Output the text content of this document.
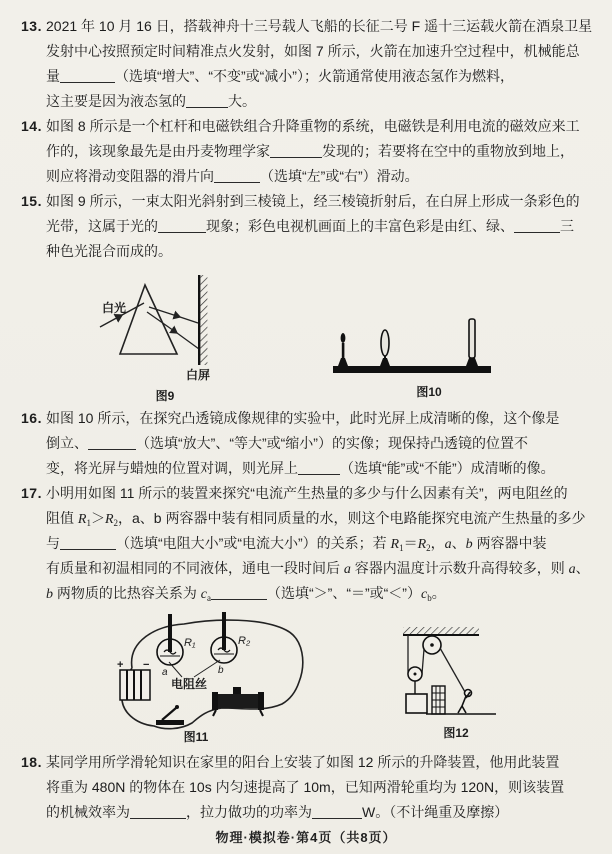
13. 2021 年 10 月 16 日，搭载神舟十三号载人飞船的长征二号 F 遥十三运载火箭在酒泉卫星
发射中心按照预定时间精准点火发射，如图 7 所示，火箭在加速升空过程中，机械能总
量	（选填“增大”、“不变”或“减小”）；火箭通常使用液态氢作为燃料，
这主要是因为液态氢的	大。
14. 如图 8 所示是一个杠杆和电磁铁组合升降重物的系统，电磁铁是利用电流的磁效应来工
作的，该现象最先是由丹麦物理学家	发现的；若要将在空中的重物放到地上，
则应将滑动变阻器的滑片向	（选填“左”或“右”）滑动。
15. 如图 9 所示，一束太阳光斜射到三棱镜上，经三棱镜折射后，在白屏上形成一条彩色的
光带，这属于光的	现象；彩色电视机画面上的丰富色彩是由红、绿、	三
种色光混合而成的。
白光
白屏
图9	图10
16. 如图 10 所示，在探究凸透镜成像规律的实验中，此时光屏上成清晰的像，这个像是
倒立、	（选填“放大”、“等大”或“缩小”）的实像；现保持凸透镜的位置不
变，将光屏与蜡烛的位置对调，则光屏上	（选填“能”或“不能”）成清晰的像。
17. 小明用如图 11 所示的装置来探究“电流产生热量的多少与什么因素有关”，两电阻丝的
阻值 $R_1>R_2$，a、b 两容器中装有相同质量的水，则这个电路能探究电流产生热量的多少
与	（选填“电阻大小”或“电流大小”）的关系；若 $R_1=R_2$，a、b 两容器中装
有质量和初温相同的不同液体，通电一段时间后 a 容器内温度计示数升高得较多，则 a、
b 两物质的比热容关系为 $c_a$	（选填“＞”、“＝”或“$<”)c_b$。
+ −
R₁
a
R₂
b
电阻丝
图11	图12
18. 某同学用所学滑轮知识在家里的阳台上安装了如图 12 所示的升降装置，他用此装置
将重为 480N 的物体在 10s 内匀速提高了 10m，已知两滑轮重均为 120N，则该装置
的机械效率为	，拉力做功的功率为	W。（不计绳重及摩擦）
物理·模拟卷·第4页（共8页）
